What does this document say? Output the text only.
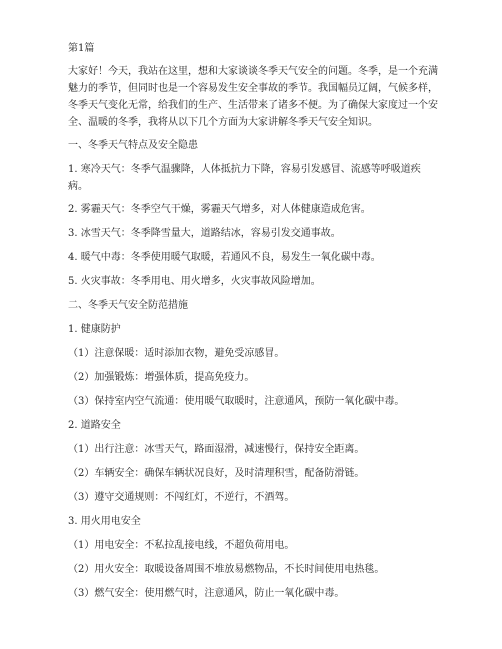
第1篇

大家好！今天，我站在这里，想和大家谈谈冬季天气安全的问题。冬季，是一个充满魅力的季节，但同时也是一个容易发生安全事故的季节。我国幅员辽阔，气候多样，冬季天气变化无常，给我们的生产、生活带来了诸多不便。为了确保大家度过一个安全、温暖的冬季，我将从以下几个方面为大家讲解冬季天气安全知识。

一、冬季天气特点及安全隐患

1. 寒冷天气：冬季气温骤降，人体抵抗力下降，容易引发感冒、流感等呼吸道疾病。

2. 雾霾天气：冬季空气干燥，雾霾天气增多，对人体健康造成危害。

3. 冰雪天气：冬季降雪量大，道路结冰，容易引发交通事故。

4. 暖气中毒：冬季使用暖气取暖，若通风不良，易发生一氧化碳中毒。

5. 火灾事故：冬季用电、用火增多，火灾事故风险增加。

二、冬季天气安全防范措施

1. 健康防护

（1）注意保暖：适时添加衣物，避免受凉感冒。

（2）加强锻炼：增强体质，提高免疫力。

（3）保持室内空气流通：使用暖气取暖时，注意通风，预防一氧化碳中毒。

2. 道路安全

（1）出行注意：冰雪天气，路面湿滑，减速慢行，保持安全距离。

（2）车辆安全：确保车辆状况良好，及时清理积雪，配备防滑链。

（3）遵守交通规则：不闯红灯，不逆行，不酒驾。

3. 用火用电安全

（1）用电安全：不私拉乱接电线，不超负荷用电。

（2）用火安全：取暖设备周围不堆放易燃物品，不长时间使用电热毯。

（3）燃气安全：使用燃气时，注意通风，防止一氧化碳中毒。
